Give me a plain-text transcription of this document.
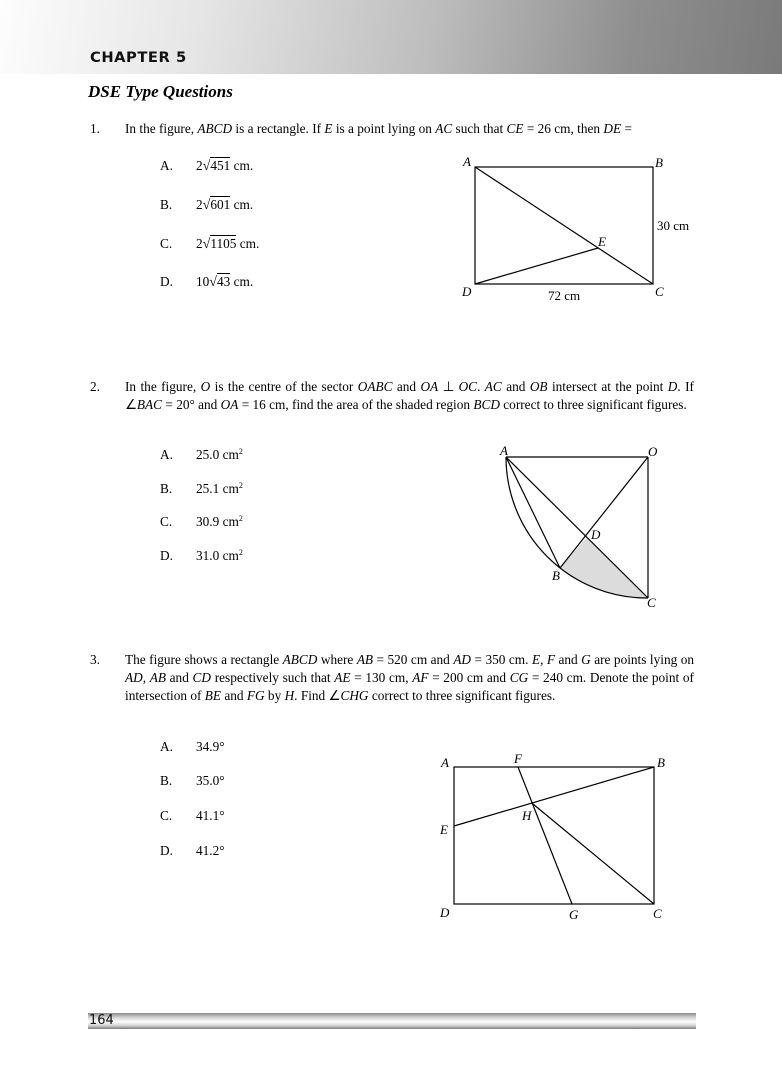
CHAPTER 5
DSE Type Questions
1. In the figure, ABCD is a rectangle. If E is a point lying on AC such that CE = 26 cm, then DE =
A. 2√451 cm.
B. 2√601 cm.
C. 2√1105 cm.
D. 10√43 cm.
A	B
C
D
E
30 cm
72 cm
2. In the figure, O is the centre of the sector OABC and OA ⊥ OC. AC and OB intersect at the point D. If ∠BAC = 20° and OA = 16 cm, find the area of the shaded region BCD correct to three significant figures.
A. 25.0 $cm^2$
B. 25.1 $cm^2$
C. 30.9 $cm^2$
D. 31.0 $cm^2$
A	O
B
C
D
3. The figure shows a rectangle ABCD where AB = 520 cm and AD = 350 cm. E, F and G are points lying on AD, AB and CD respectively such that AE = 130 cm, AF = 200 cm and CG = 240 cm. Denote the point of intersection of BE and FG by H. Find ∠CHG correct to three significant figures.
A. 34.9°
B. 35.0°
C. 41.1°
D. 41.2°
A	F	B
E
H
D	G	C
164
